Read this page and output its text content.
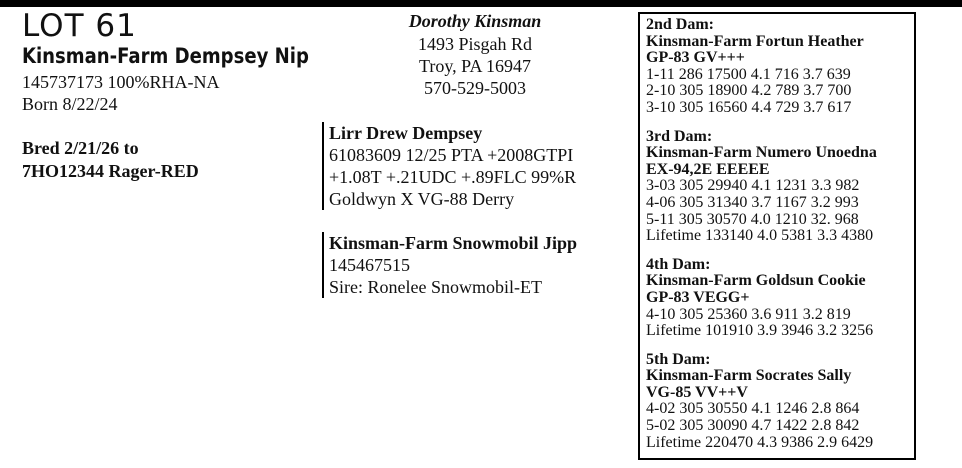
LOT 61
Kinsman-Farm Dempsey Nip
145737173 100%RHA-NA
Born 8/22/24
Bred 2/21/26 to
7HO12344 Rager-RED
Dorothy Kinsman
1493 Pisgah Rd
Troy, PA 16947
570-529-5003
Lirr Drew Dempsey
61083609 12/25 PTA +2008GTPI
+1.08T +.21UDC +.89FLC 99%R
Goldwyn X VG-88 Derry
Kinsman-Farm Snowmobil Jipp
145467515
Sire: Ronelee Snowmobil-ET
2nd Dam:
Kinsman-Farm Fortun Heather
GP-83 GV+++
1-11 286 17500 4.1 716 3.7 639
2-10 305 18900 4.2 789 3.7 700
3-10 305 16560 4.4 729 3.7 617
3rd Dam:
Kinsman-Farm Numero Unoedna
EX-94,2E EEEEE
3-03 305 29940 4.1 1231 3.3 982
4-06 305 31340 3.7 1167 3.2 993
5-11 305 30570 4.0 1210 32. 968
Lifetime 133140 4.0 5381 3.3 4380
4th Dam:
Kinsman-Farm Goldsun Cookie
GP-83 VEGG+
4-10 305 25360 3.6 911 3.2 819
Lifetime 101910 3.9 3946 3.2 3256
5th Dam:
Kinsman-Farm Socrates Sally
VG-85 VV++V
4-02 305 30550 4.1 1246 2.8 864
5-02 305 30090 4.7 1422 2.8 842
Lifetime 220470 4.3 9386 2.9 6429
